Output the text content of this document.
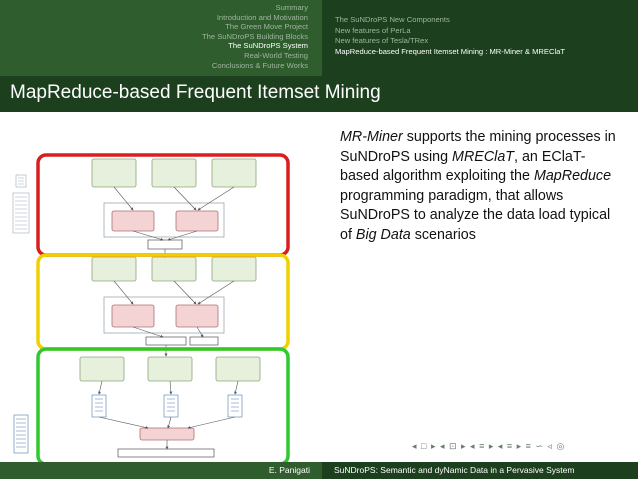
Summary
Introduction and Motivation
The Green Move Project
The SuNDroPS Building Blocks
The SuNDroPS System
Real-World Testing
Conclusions & Future Works
The SuNDroPS New Components
New features of PerLa
New features of Tesla/TRex
MapReduce-based Frequent Itemset Mining : MR-Miner & MREClaT
MapReduce-based Frequent Itemset Mining
MR-Miner supports the mining processes in SuNDroPS using MREClaT, an EClaT-based algorithm exploiting the MapReduce programming paradigm, that allows SuNDroPS to analyze the data load typical of Big Data scenarios
◂ □ ▸ ◂ ⊡ ▸ ◂ ≡ ▸ ◂ ≡ ▸ ≡ ∽ ◃ ◎
E. Panigati	SuNDroPS: Semantic and dyNamic Data in a Pervasive System
